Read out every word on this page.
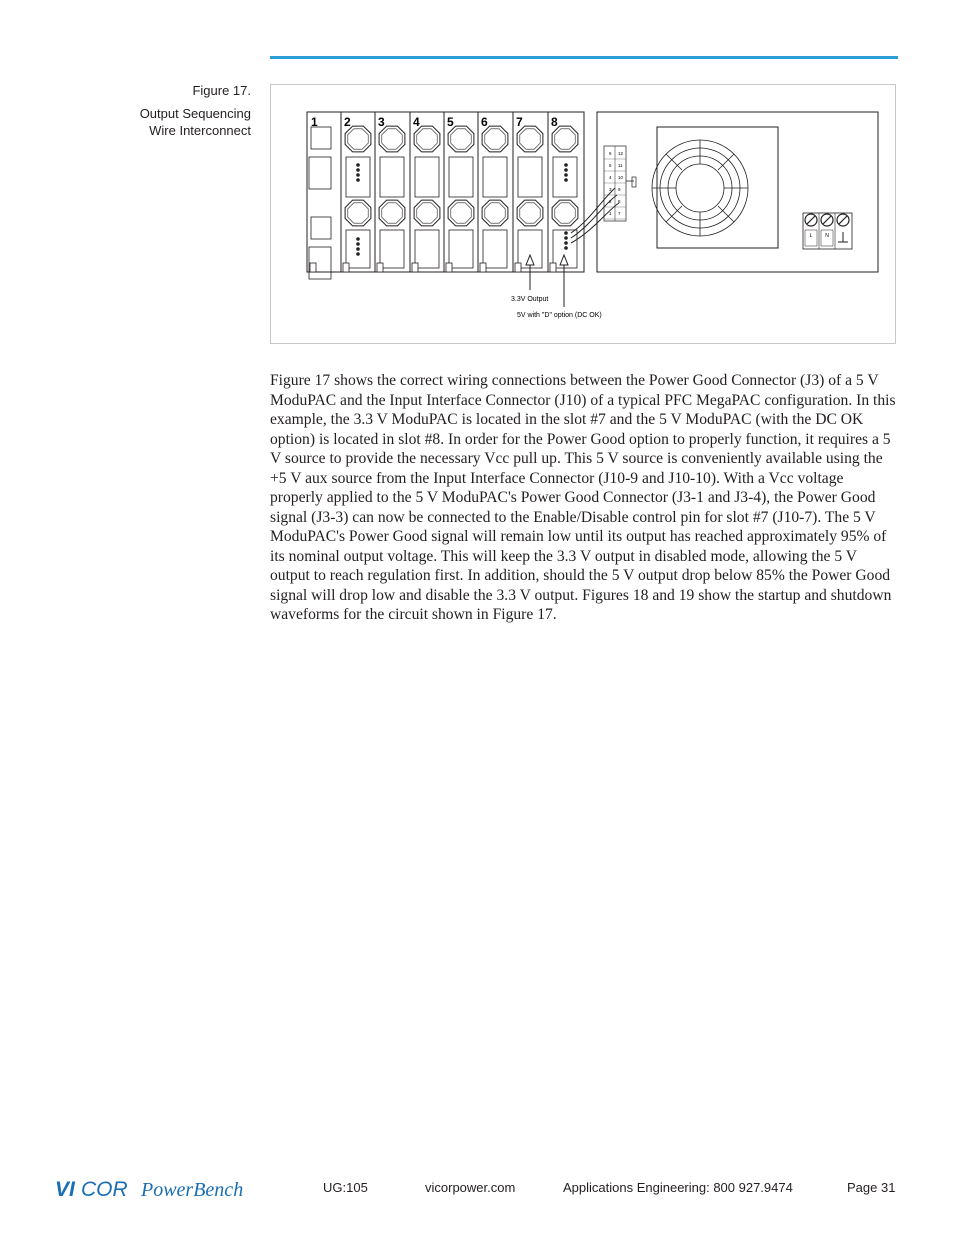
Figure 17.
Output Sequencing
Wire Interconnect
1 2 3 4 5 6 7 8
6
5
4
3
2
1
12
11
10
9
8
7
L	N
3.3V Output
5V with "D" option (DC OK)

Figure 17 shows the correct wiring connections between the Power Good Connector (J3) of a 5 V ModuPAC and the Input Interface Connector (J10) of a typical PFC MegaPAC configuration. In this example, the 3.3 V ModuPAC is located in the slot #7 and the 5 V ModuPAC (with the DC OK option) is located in slot #8. In order for the Power Good option to properly function, it requires a 5 V source to provide the necessary Vcc pull up. This 5 V source is conveniently available using the +5 V aux source from the Input Interface Connector (J10-9 and J10-10). With a Vcc voltage properly applied to the 5 V ModuPAC's Power Good Connector (J3-1 and J3-4), the Power Good signal (J3-3) can now be connected to the Enable/Disable control pin for slot #7 (J10-7). The 5 V ModuPAC's Power Good signal will remain low until its output has reached approximately 95% of its nominal output voltage. This will keep the 3.3 V output in disabled mode, allowing the 5 V output to reach regulation first. In addition, should the 5 V output drop below 85% the Power Good signal will drop low and disable the 3.3 V output. Figures 18 and 19 show the startup and shutdown waveforms for the circuit shown in Figure 17.

VI COR PowerBench	UG:105	vicorpower.com	Applications Engineering: 800 927.9474	Page 31
